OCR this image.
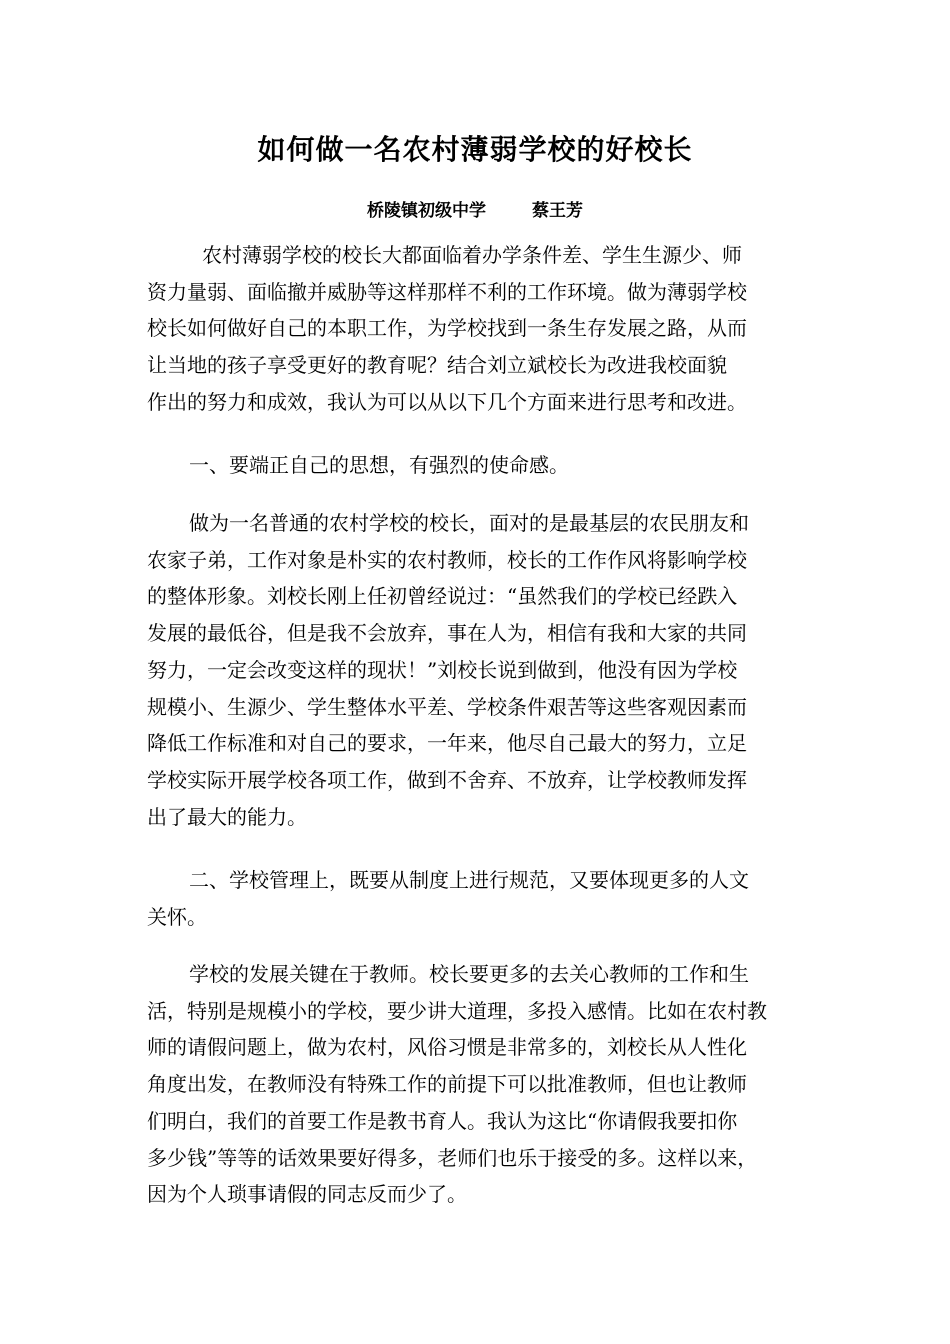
如何做一名农村薄弱学校的好校长
桥陵镇初级中学	蔡王芳
农村薄弱学校的校长大都面临着办学条件差、学生生源少、师
资力量弱、面临撤并威胁等这样那样不利的工作环境。做为薄弱学校
校长如何做好自己的本职工作，为学校找到一条生存发展之路，从而
让当地的孩子享受更好的教育呢？结合刘立斌校长为改进我校面貌
作出的努力和成效，我认为可以从以下几个方面来进行思考和改进。
一、要端正自己的思想，有强烈的使命感。
做为一名普通的农村学校的校长，面对的是最基层的农民朋友和
农家子弟，工作对象是朴实的农村教师，校长的工作作风将影响学校
的整体形象。刘校长刚上任初曾经说过：“虽然我们的学校已经跌入
发展的最低谷，但是我不会放弃，事在人为，相信有我和大家的共同
努力，一定会改变这样的现状！”刘校长说到做到，他没有因为学校
规模小、生源少、学生整体水平差、学校条件艰苦等这些客观因素而
降低工作标准和对自己的要求，一年来，他尽自己最大的努力，立足
学校实际开展学校各项工作，做到不舍弃、不放弃，让学校教师发挥
出了最大的能力。
二、学校管理上，既要从制度上进行规范，又要体现更多的人文
关怀。
学校的发展关键在于教师。校长要更多的去关心教师的工作和生
活，特别是规模小的学校，要少讲大道理，多投入感情。比如在农村教
师的请假问题上，做为农村，风俗习惯是非常多的，刘校长从人性化
角度出发，在教师没有特殊工作的前提下可以批准教师，但也让教师
们明白，我们的首要工作是教书育人。我认为这比“你请假我要扣你
多少钱”等等的话效果要好得多，老师们也乐于接受的多。这样以来，
因为个人琐事请假的同志反而少了。
